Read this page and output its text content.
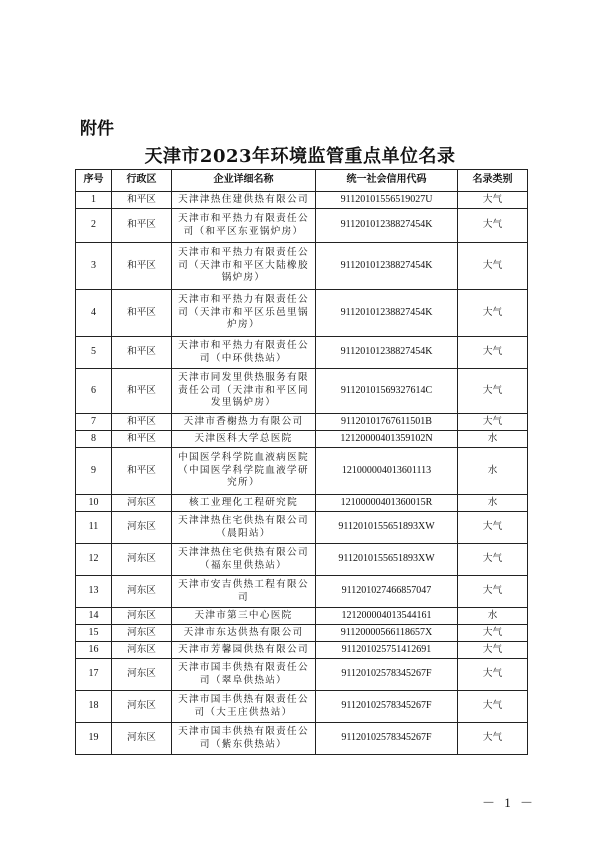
附件
天津市2023年环境监管重点单位名录
序号	行政区	企业详细名称	统一社会信用代码	名录类别
1	和平区	天津津热住建供热有限公司	91120101556519027U	大气
2	和平区	天津市和平热力有限责任公司（和平区东亚锅炉房）	91120101238827454K	大气
3	和平区	天津市和平热力有限责任公司（天津市和平区大陆橡胶锅炉房）	91120101238827454K	大气
4	和平区	天津市和平热力有限责任公司（天津市和平区乐邑里锅炉房）	91120101238827454K	大气
5	和平区	天津市和平热力有限责任公司（中环供热站）	91120101238827454K	大气
6	和平区	天津市同发里供热服务有限责任公司（天津市和平区同发里锅炉房）	91120101569327614C	大气
7	和平区	天津市香榭热力有限公司	91120101767611501B	大气
8	和平区	天津医科大学总医院	12120000401359102N	水
9	和平区	中国医学科学院血液病医院（中国医学科学院血液学研究所）	121000004013601113	水
10	河东区	核工业理化工程研究院	12100000401360015R	水
11	河东区	天津津热住宅供热有限公司（晨阳站）	9112010155651893XW	大气
12	河东区	天津津热住宅供热有限公司（福东里供热站）	9112010155651893XW	大气
13	河东区	天津市安吉供热工程有限公司	911201027466857047	大气
14	河东区	天津市第三中心医院	121200004013544161	水
15	河东区	天津市东达供热有限公司	91120000566118657X	大气
16	河东区	天津市芳馨园供热有限公司	911201025751412691	大气
17	河东区	天津市国丰供热有限责任公司（翠阜供热站）	91120102578345267F	大气
18	河东区	天津市国丰供热有限责任公司（大王庄供热站）	91120102578345267F	大气
19	河东区	天津市国丰供热有限责任公司（紫东供热站）	91120102578345267F	大气
－ 1 －
